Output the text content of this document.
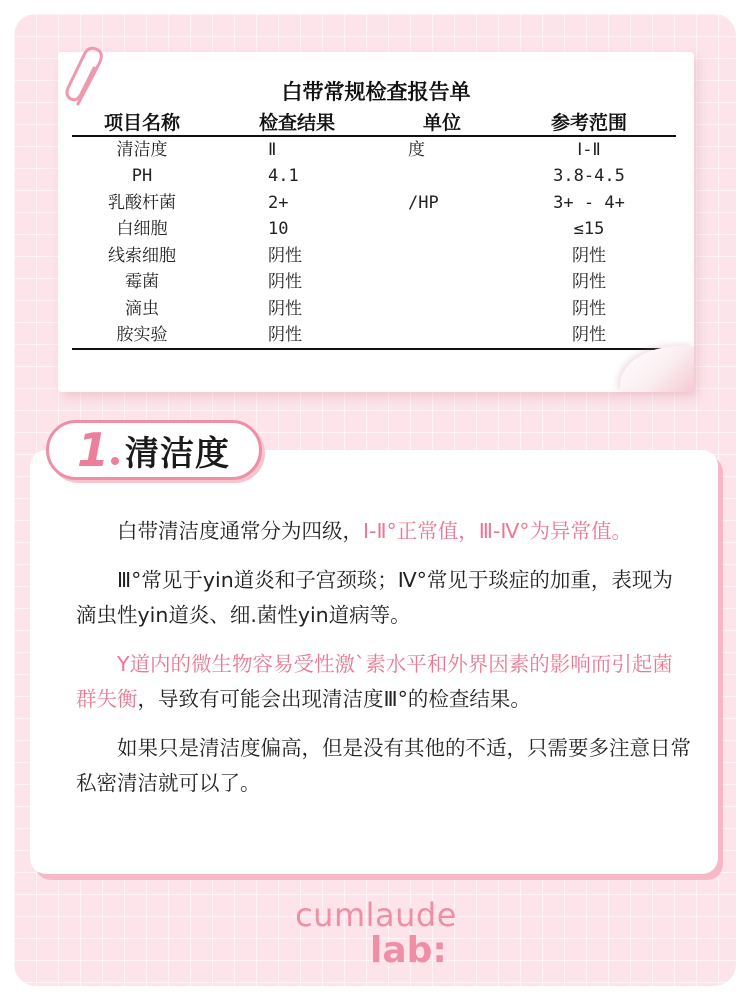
白带常规检查报告单
项目名称	检查结果	单位	参考范围
清洁度	Ⅱ	度	Ⅰ-Ⅱ
PH	4.1		3.8-4.5
乳酸杆菌	2+	/HP	3+ - 4+
白细胞	10		≤15
线索细胞	阴性		阴性
霉菌	阴性		阴性
滴虫	阴性		阴性
胺实验	阴性		阴性

白带清洁度通常分为四级，Ⅰ-Ⅱ°正常值，Ⅲ-Ⅳ°为异常值。

Ⅲ°常见于yin道炎和子宫颈琰；Ⅳ°常见于琰症的加重，表现为滴虫性yin道炎、细.菌性yin道病等。

Y道内的微生物容易受性激`素水平和外界因素的影响而引起菌群失衡，导致有可能会出现清洁度Ⅲ°的检查结果。

如果只是清洁度偏高，但是没有其他的不适，只需要多注意日常私密清洁就可以了。

1 清洁度
cumlaude
lab:
